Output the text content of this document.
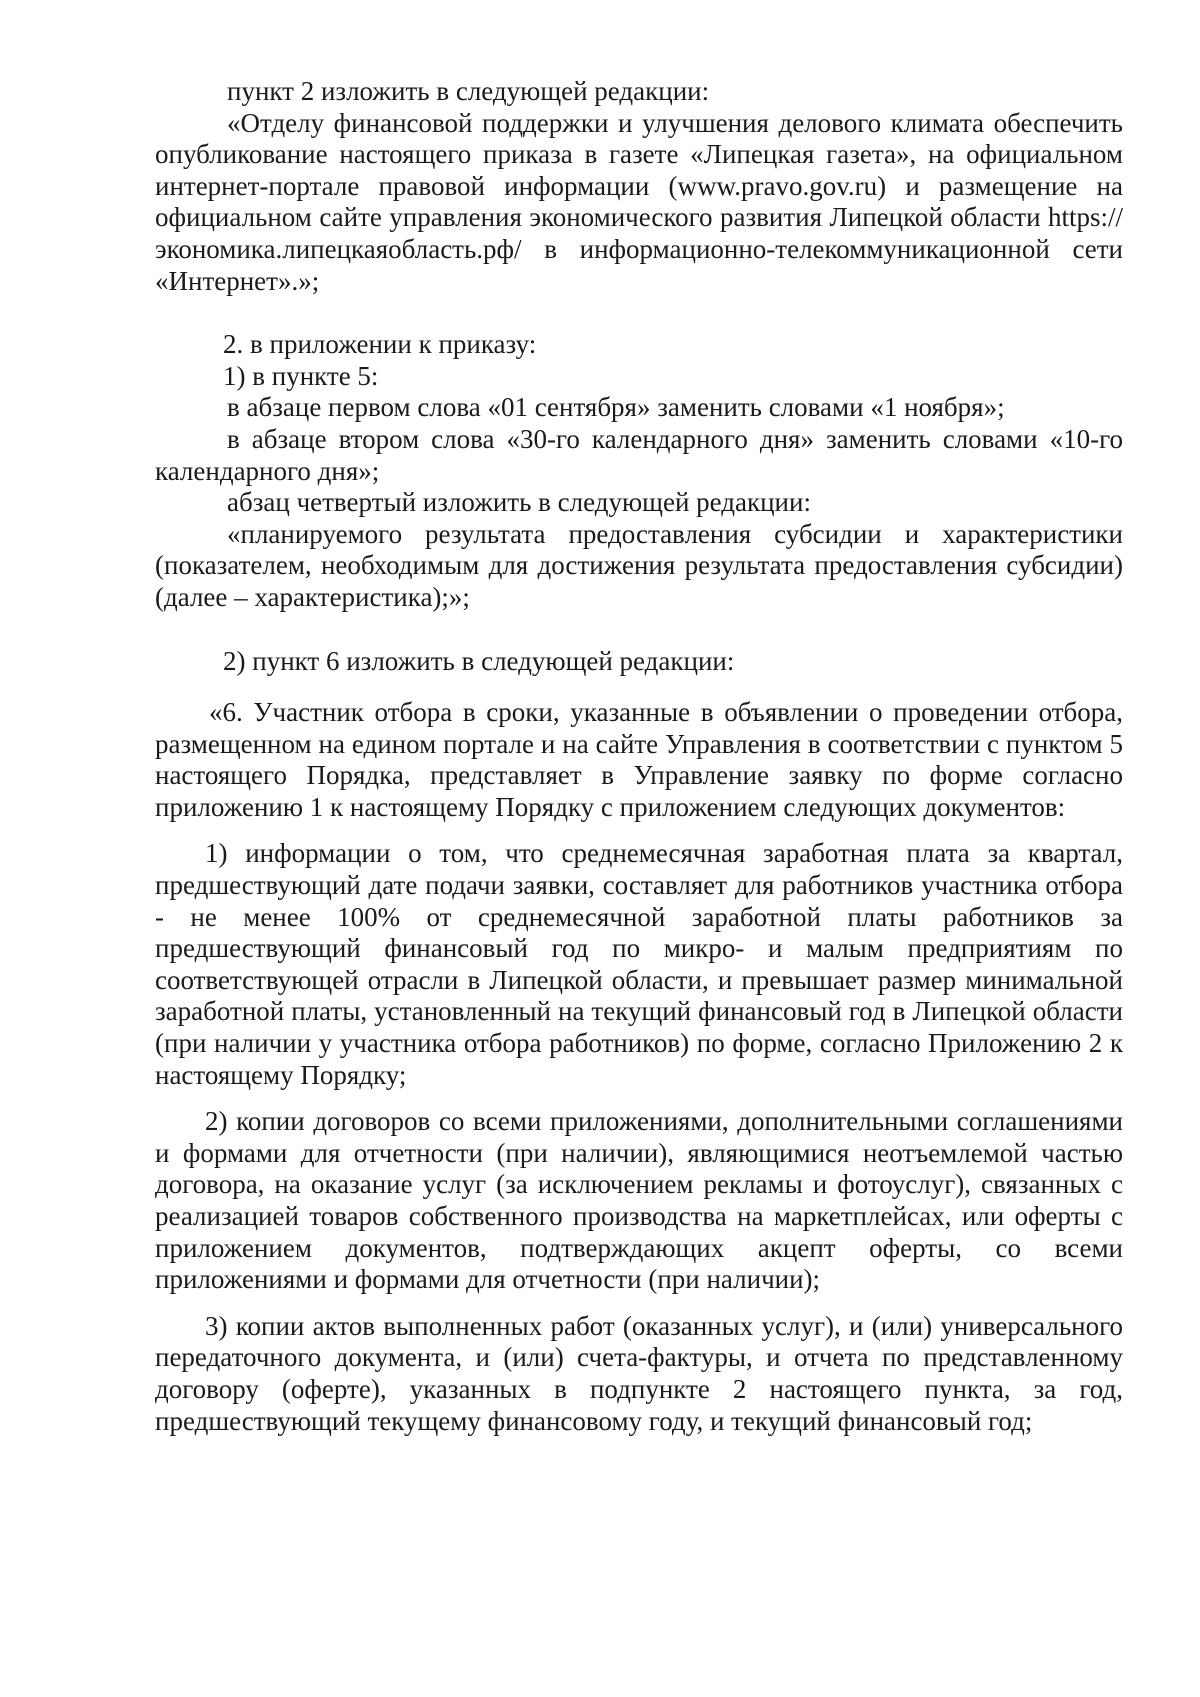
пункт 2 изложить в следующей редакции:

«Отделу финансовой поддержки и улучшения делового климата обеспечить опубликование настоящего приказа в газете «Липецкая газета», на официальном интернет-портале правовой информации (www.pravo.gov.ru) и размещение на официальном сайте управления экономического развития Липецкой области https://экономика.липецкаяобласть.рф/ в информационно-телекоммуникационной сети «Интернет».»;

2. в приложении к приказу:

1) в пункте 5:

в абзаце первом слова «01 сентября» заменить словами «1 ноября»;

в абзаце втором слова «30-го календарного дня» заменить словами «10-го календарного дня»;

абзац четвертый изложить в следующей редакции:

«планируемого результата предоставления субсидии и характеристики (показателем, необходимым для достижения результата предоставления субсидии) (далее – характеристика);»;

2) пункт 6 изложить в следующей редакции:

«6. Участник отбора в сроки, указанные в объявлении о проведении отбора, размещенном на едином портале и на сайте Управления в соответствии с пунктом 5 настоящего Порядка, представляет в Управление заявку по форме согласно приложению 1 к настоящему Порядку с приложением следующих документов:

1) информации о том, что среднемесячная заработная плата за квартал, предшествующий дате подачи заявки, составляет для работников участника отбора - не менее 100% от среднемесячной заработной платы работников за предшествующий финансовый год по микро- и малым предприятиям по соответствующей отрасли в Липецкой области, и превышает размер минимальной заработной платы, установленный на текущий финансовый год в Липецкой области (при наличии у участника отбора работников) по форме, согласно Приложению 2 к настоящему Порядку;

2) копии договоров со всеми приложениями, дополнительными соглашениями и формами для отчетности (при наличии), являющимися неотъемлемой частью договора, на оказание услуг (за исключением рекламы и фотоуслуг), связанных с реализацией товаров собственного производства на маркетплейсах, или оферты с приложением документов, подтверждающих акцепт оферты, со всеми приложениями и формами для отчетности (при наличии);

3) копии актов выполненных работ (оказанных услуг), и (или) универсального передаточного документа, и (или) счета-фактуры, и отчета по представленному договору (оферте), указанных в подпункте 2 настоящего пункта, за год, предшествующий текущему финансовому году, и текущий финансовый год;
